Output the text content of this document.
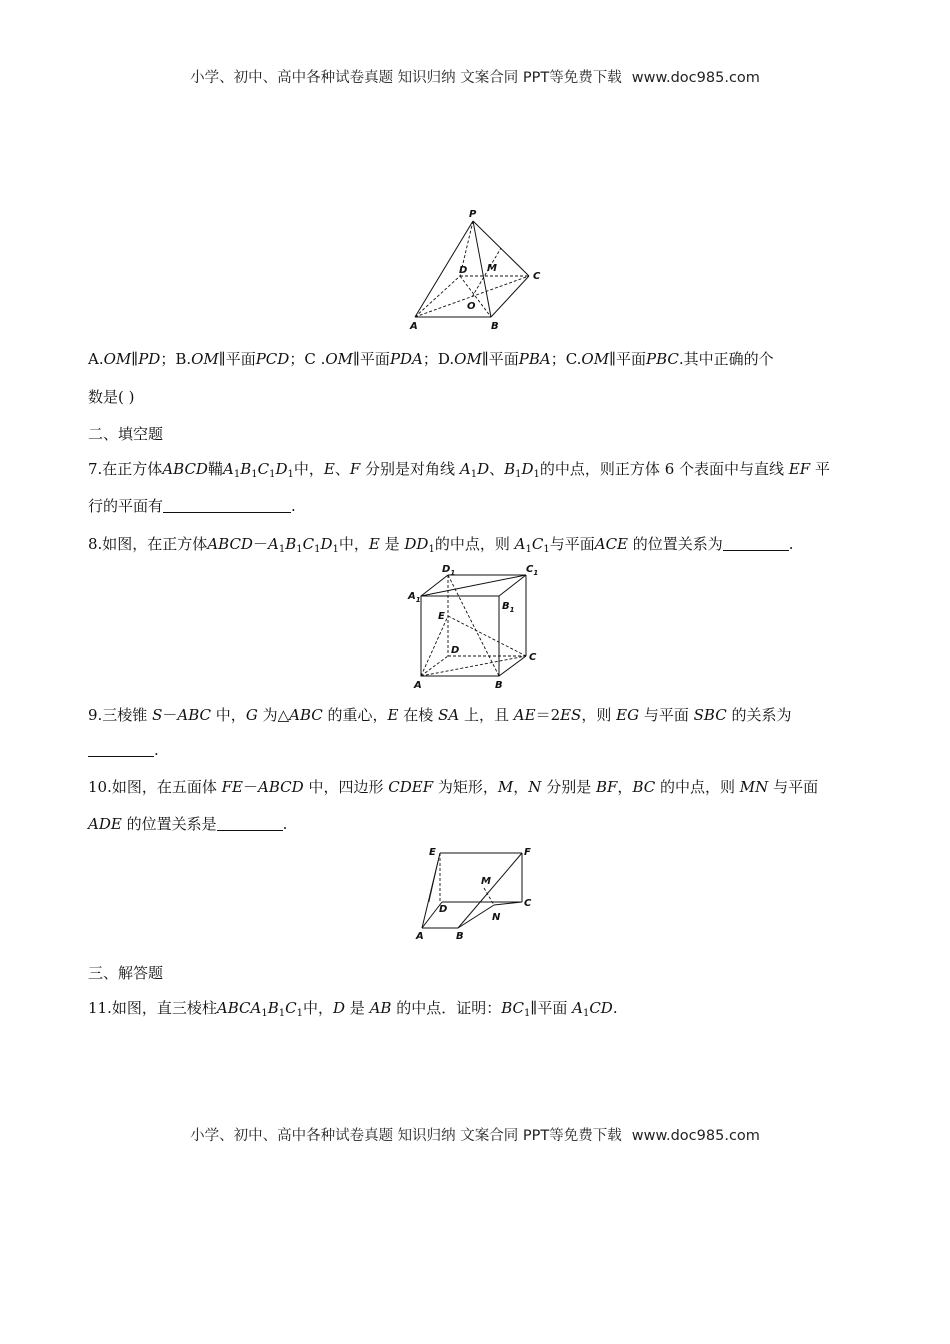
小学、初中、高中各种试卷真题 知识归纳 文案合同 PPT等免费下载 www.doc985.com
P
D M
C
O
A	B
A.OM∥PD；B.OM∥平面PCD；C .OM∥平面PDA；D.OM∥平面PBA；C.OM∥平面PBC.其中正确的个
数是( )
二、填空题
7.在正方体ABCD鞴$A_1B_1C_1D_1$中，E、F 分别是对角线 $A_1D$、$B_1D_1$的中点，则正方体 6 个表面中与直线 EF 平
行的平面有	.
8.如图，在正方体$ABCD-A_1B_1C_1D_1$中，E 是 $DD_1$的中点，则 $A_1C_1$与平面ACE 的位置关系为	.
$D_1$	$C_1$
$A_1$
$B_1$
E
D
C
A	B
9.三棱锥 S－ABC 中，G 为△ABC 的重心，E 在棱 SA 上，且 AE＝2ES，则 EG 与平面 SBC 的关系为
.
10.如图，在五面体 FE－ABCD 中，四边形 CDEF 为矩形，M，N 分别是 BF，BC 的中点，则 MN 与平面
ADE 的位置关系是	.
E	F
M
D
C
N
A	B
三、解答题
11.如图，直三棱柱$ABCA_1B_1C_1$中，D 是 AB 的中点．证明：$BC_1\parallel$平面 $A_1CD$.
小学、初中、高中各种试卷真题 知识归纳 文案合同 PPT等免费下载 www.doc985.com
